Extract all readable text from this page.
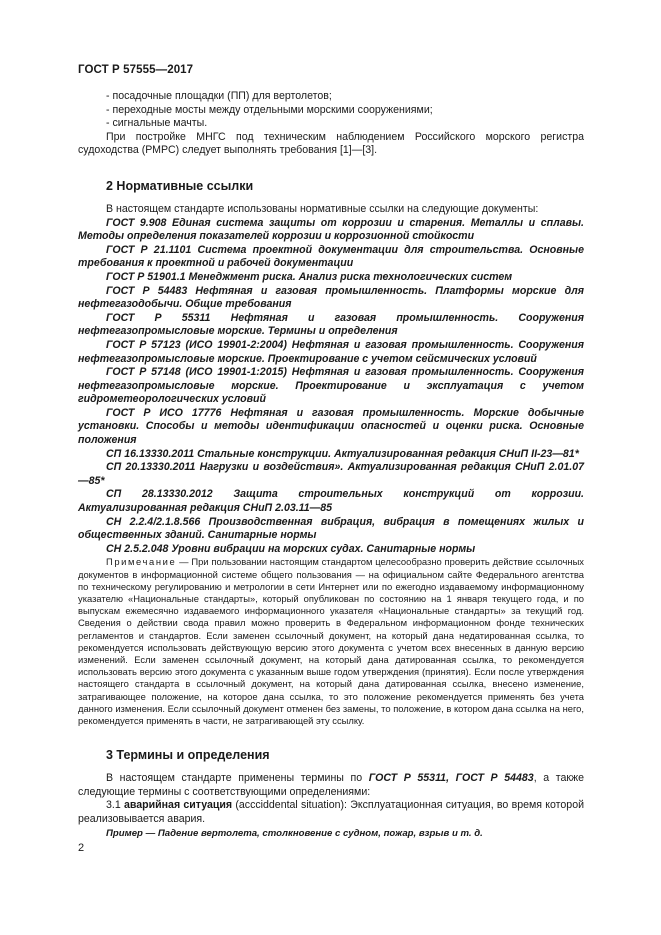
ГОСТ Р 57555—2017

- посадочные площадки (ПП) для вертолетов;

- переходные мосты между отдельными морскими сооружениями;

- сигнальные мачты.

При постройке МНГС под техническим наблюдением Российского морского регистра судоходства (РМРС) следует выполнять требования [1]—[3].

2 Нормативные ссылки

В настоящем стандарте использованы нормативные ссылки на следующие документы:

ГОСТ 9.908 Единая система защиты от коррозии и старения. Металлы и сплавы. Методы определения показателей коррозии и коррозионной стойкости

ГОСТ Р 21.1101 Система проектной документации для строительства. Основные требования к проектной и рабочей документации

ГОСТ Р 51901.1 Менеджмент риска. Анализ риска технологических систем

ГОСТ Р 54483 Нефтяная и газовая промышленность. Платформы морские для нефтегазодобычи. Общие требования

ГОСТ Р 55311 Нефтяная и газовая промышленность. Сооружения нефтегазопромысловые морские. Термины и определения

ГОСТ Р 57123 (ИСО 19901-2:2004) Нефтяная и газовая промышленность. Сооружения нефтегазопромысловые морские. Проектирование с учетом сейсмических условий

ГОСТ Р 57148 (ИСО 19901-1:2015) Нефтяная и газовая промышленность. Сооружения нефтегазопромысловые морские. Проектирование и эксплуатация с учетом гидрометеорологических условий

ГОСТ Р ИСО 17776 Нефтяная и газовая промышленность. Морские добычные установки. Способы и методы идентификации опасностей и оценки риска. Основные положения

СП 16.13330.2011 Стальные конструкции. Актуализированная редакция СНиП II-23—81*

СП 20.13330.2011 Нагрузки и воздействия». Актуализированная редакция СНиП 2.01.07—85*

СП 28.13330.2012 Защита строительных конструкций от коррозии. Актуализированная редакция СНиП 2.03.11—85

СН 2.2.4/2.1.8.566 Производственная вибрация, вибрация в помещениях жилых и общественных зданий. Санитарные нормы

СН 2.5.2.048 Уровни вибрации на морских судах. Санитарные нормы

Примечание — При пользовании настоящим стандартом целесообразно проверить действие ссылочных документов в информационной системе общего пользования — на официальном сайте Федерального агентства по техническому регулированию и метрологии в сети Интернет или по ежегодно издаваемому информационному указателю «Национальные стандарты», который опубликован по состоянию на 1 января текущего года, и по выпускам ежемесячно издаваемого информационного указателя «Национальные стандарты» за текущий год. Сведения о действии свода правил можно проверить в Федеральном информационном фонде технических регламентов и стандартов. Если заменен ссылочный документ, на который дана недатированная ссылка, то рекомендуется использовать действующую версию этого документа с учетом всех внесенных в данную версию изменений. Если заменен ссылочный документ, на который дана датированная ссылка, то рекомендуется использовать версию этого документа с указанным выше годом утверждения (принятия). Если после утверждения настоящего стандарта в ссылочный документ, на который дана датированная ссылка, внесено изменение, затрагивающее положение, на которое дана ссылка, то это положение рекомендуется применять без учета данного изменения. Если ссылочный документ отменен без замены, то положение, в котором дана ссылка на него, рекомендуется применять в части, не затрагивающей эту ссылку.

3 Термины и определения

В настоящем стандарте применены термины по ГОСТ Р 55311, ГОСТ Р 54483, а также следующие термины с соответствующими определениями:

3.1 аварийная ситуация (accciddental situation): Эксплуатационная ситуация, во время которой реализовывается авария.

Пример — Падение вертолета, столкновение с судном, пожар, взрыв и т. д.

2
